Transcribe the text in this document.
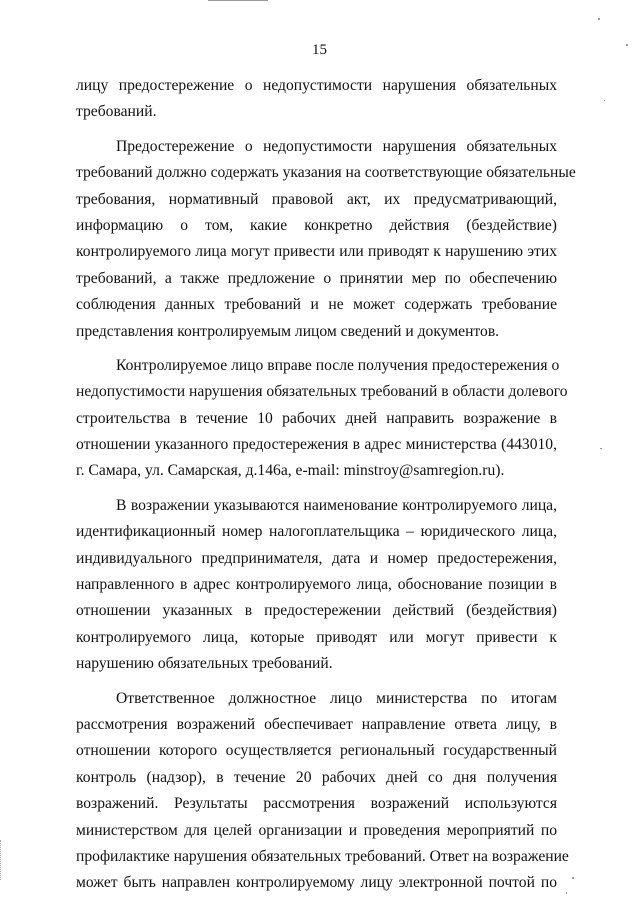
15
лицу предостережение о недопустимости нарушения обязательных
требований.
Предостережение о недопустимости нарушения обязательных
требований должно содержать указания на соответствующие обязательные
требования, нормативный правовой акт, их предусматривающий,
информацию о том, какие конкретно действия (бездействие)
контролируемого лица могут привести или приводят к нарушению этих
требований, а также предложение о принятии мер по обеспечению
соблюдения данных требований и не может содержать требование
представления контролируемым лицом сведений и документов.
Контролируемое лицо вправе после получения предостережения о
недопустимости нарушения обязательных требований в области долевого
строительства в течение 10 рабочих дней направить возражение в
отношении указанного предостережения в адрес министерства (443010,
г. Самара, ул. Самарская, д.146а, e-mail: minstroy@samregion.ru).
В возражении указываются наименование контролируемого лица,
идентификационный номер налогоплательщика – юридического лица,
индивидуального предпринимателя, дата и номер предостережения,
направленного в адрес контролируемого лица, обоснование позиции в
отношении указанных в предостережении действий (бездействия)
контролируемого лица, которые приводят или могут привести к
нарушению обязательных требований.
Ответственное должностное лицо министерства по итогам
рассмотрения возражений обеспечивает направление ответа лицу, в
отношении которого осуществляется региональный государственный
контроль (надзор), в течение 20 рабочих дней со дня получения
возражений. Результаты рассмотрения возражений используются
министерством для целей организации и проведения мероприятий по
профилактике нарушения обязательных требований. Ответ на возражение
может быть направлен контролируемому лицу электронной почтой по
